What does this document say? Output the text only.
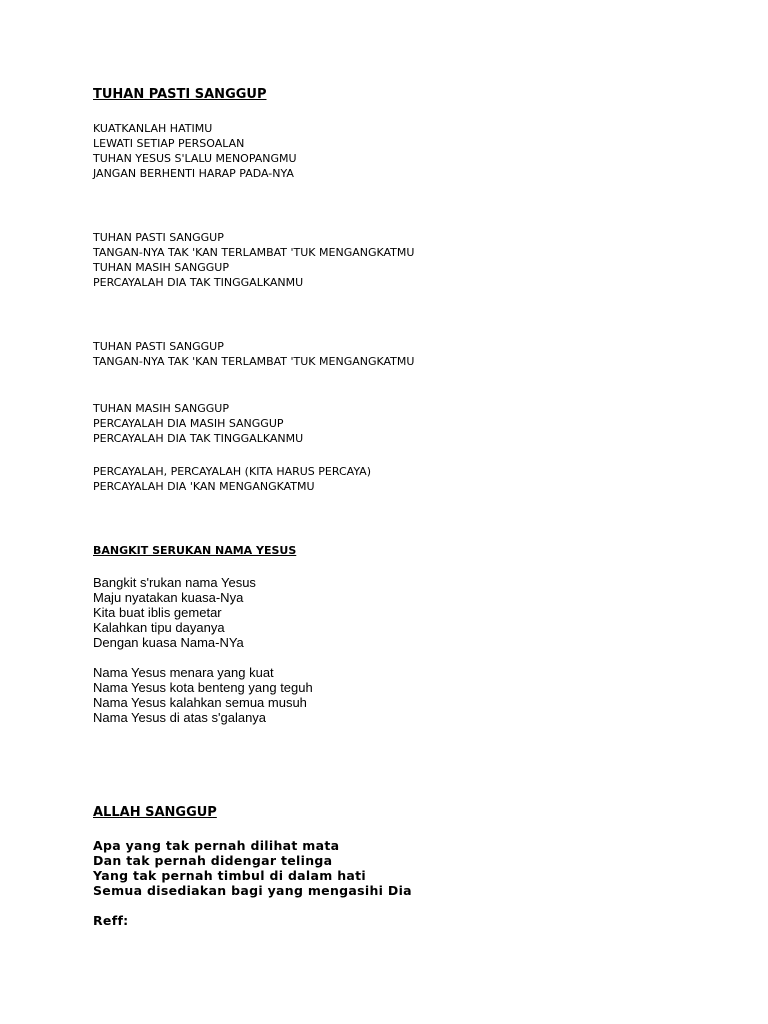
TUHAN PASTI SANGGUP
KUATKANLAH HATIMU
LEWATI SETIAP PERSOALAN
TUHAN YESUS S'LALU MENOPANGMU
JANGAN BERHENTI HARAP PADA-NYA
TUHAN PASTI SANGGUP
TANGAN-NYA TAK 'KAN TERLAMBAT 'TUK MENGANGKATMU
TUHAN MASIH SANGGUP
PERCAYALAH DIA TAK TINGGALKANMU
TUHAN PASTI SANGGUP
TANGAN-NYA TAK 'KAN TERLAMBAT 'TUK MENGANGKATMU
TUHAN MASIH SANGGUP
PERCAYALAH DIA MASIH SANGGUP
PERCAYALAH DIA TAK TINGGALKANMU
PERCAYALAH, PERCAYALAH (KITA HARUS PERCAYA)
PERCAYALAH DIA 'KAN MENGANGKATMU
BANGKIT SERUKAN NAMA YESUS
Bangkit s'rukan nama Yesus
Maju nyatakan kuasa-Nya
Kita buat iblis gemetar
Kalahkan tipu dayanya
Dengan kuasa Nama-NYa
Nama Yesus menara yang kuat
Nama Yesus kota benteng yang teguh
Nama Yesus kalahkan semua musuh
Nama Yesus di atas s'galanya
ALLAH SANGGUP
Apa yang tak pernah dilihat mata
Dan tak pernah didengar telinga
Yang tak pernah timbul di dalam hati
Semua disediakan bagi yang mengasihi Dia
Reff:
